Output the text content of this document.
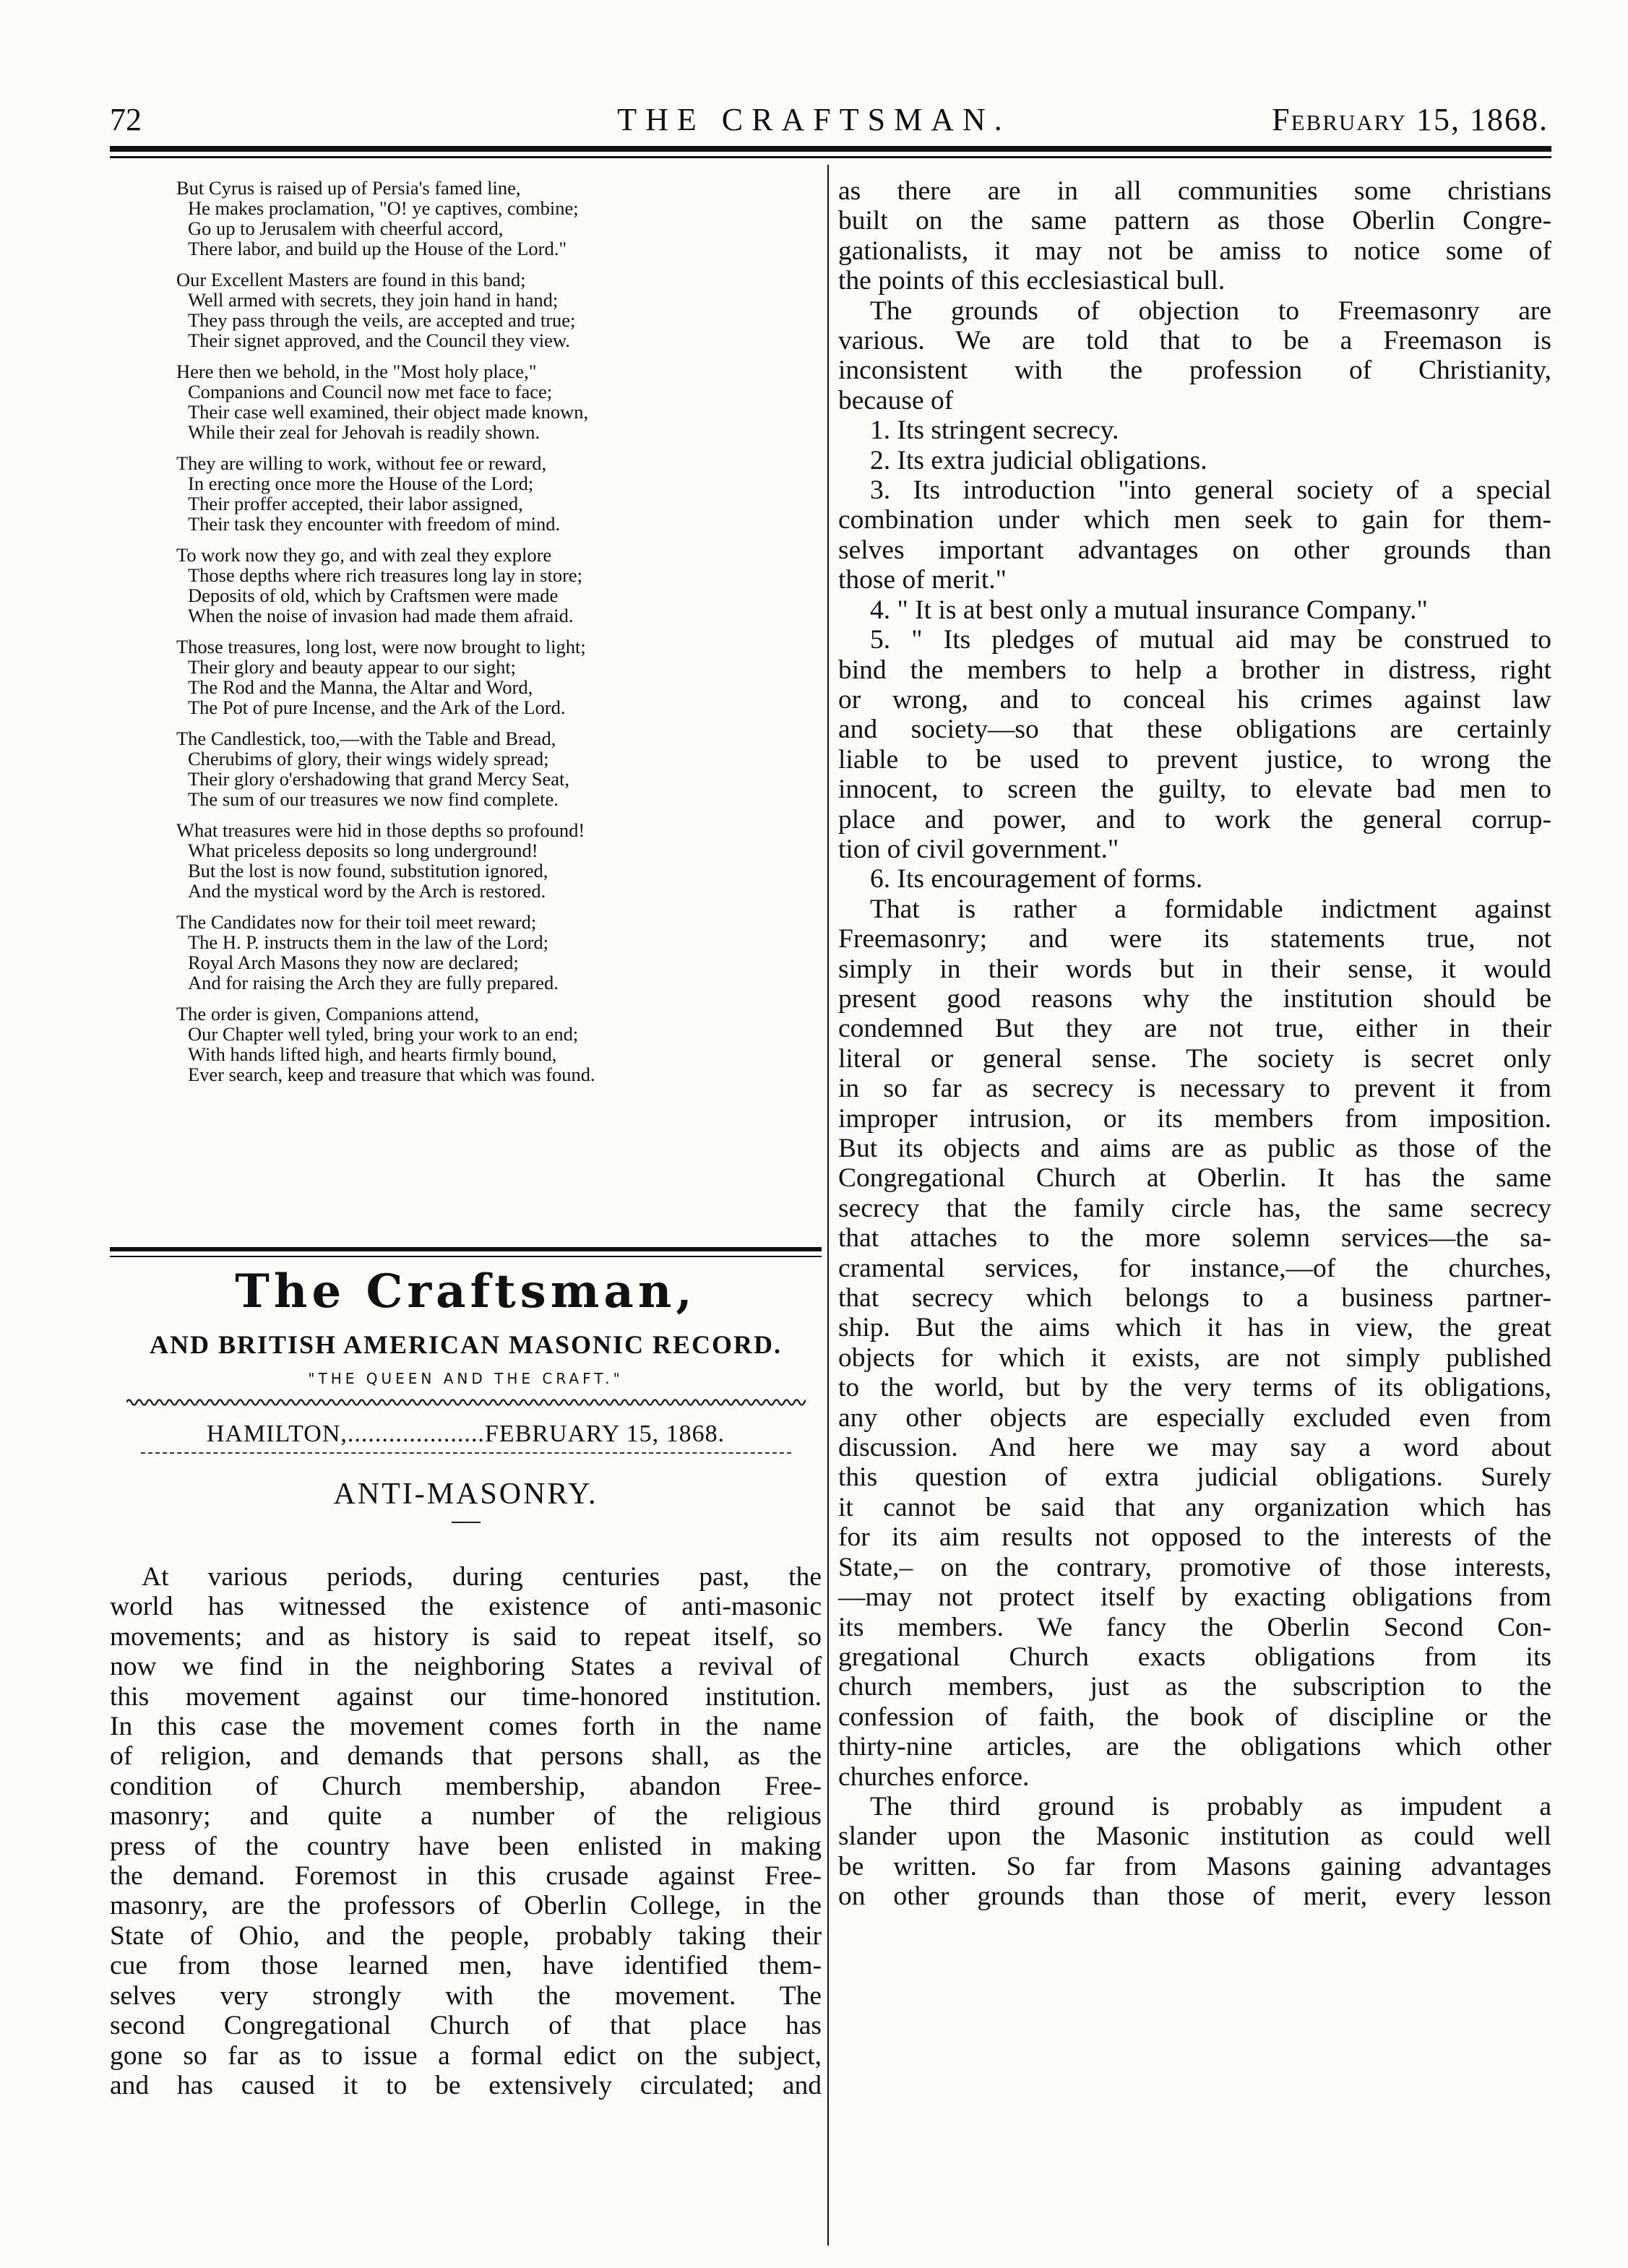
72	THE CRAFTSMAN.	February 15, 1868.
But Cyrus is raised up of Persia's famed line,
He makes proclamation, "O! ye captives, combine;
Go up to Jerusalem with cheerful accord,
There labor, and build up the House of the Lord."
Our Excellent Masters are found in this band;
Well armed with secrets, they join hand in hand;
They pass through the veils, are accepted and true;
Their signet approved, and the Council they view.
Here then we behold, in the "Most holy place,"
Companions and Council now met face to face;
Their case well examined, their object made known,
While their zeal for Jehovah is readily shown.
They are willing to work, without fee or reward,
In erecting once more the House of the Lord;
Their proffer accepted, their labor assigned,
Their task they encounter with freedom of mind.
To work now they go, and with zeal they explore
Those depths where rich treasures long lay in store;
Deposits of old, which by Craftsmen were made
When the noise of invasion had made them afraid.
Those treasures, long lost, were now brought to light;
Their glory and beauty appear to our sight;
The Rod and the Manna, the Altar and Word,
The Pot of pure Incense, and the Ark of the Lord.
The Candlestick, too,—with the Table and Bread,
Cherubims of glory, their wings widely spread;
Their glory o'ershadowing that grand Mercy Seat,
The sum of our treasures we now find complete.
What treasures were hid in those depths so profound!
What priceless deposits so long underground!
But the lost is now found, substitution ignored,
And the mystical word by the Arch is restored.
The Candidates now for their toil meet reward;
The H. P. instructs them in the law of the Lord;
Royal Arch Masons they now are declared;
And for raising the Arch they are fully prepared.
The order is given, Companions attend,
Our Chapter well tyled, bring your work to an end;
With hands lifted high, and hearts firmly bound,
Ever search, keep and treasure that which was found.
The Craftsman,
AND BRITISH AMERICAN MASONIC RECORD.
"THE QUEEN AND THE CRAFT."
HAMILTON,....................FEBRUARY 15, 1868.
ANTI-MASONRY.
At various periods, during centuries past, the
world has witnessed the existence of anti-masonic
movements; and as history is said to repeat itself, so
now we find in the neighboring States a revival of
this movement against our time-honored institution.
In this case the movement comes forth in the name
of religion, and demands that persons shall, as the
condition of Church membership, abandon Free-
masonry; and quite a number of the religious
press of the country have been enlisted in making
the demand. Foremost in this crusade against Free-
masonry, are the professors of Oberlin College, in the
State of Ohio, and the people, probably taking their
cue from those learned men, have identified them-
selves very strongly with the movement. The
second Congregational Church of that place has
gone so far as to issue a formal edict on the subject,
and has caused it to be extensively circulated; and
as there are in all communities some christians
built on the same pattern as those Oberlin Congre-
gationalists, it may not be amiss to notice some of
the points of this ecclesiastical bull.
The grounds of objection to Freemasonry are
various. We are told that to be a Freemason is
inconsistent with the profession of Christianity,
because of
1. Its stringent secrecy.
2. Its extra judicial obligations.
3. Its introduction "into general society of a special
combination under which men seek to gain for them-
selves important advantages on other grounds than
those of merit."
4. " It is at best only a mutual insurance Company."
5. " Its pledges of mutual aid may be construed to
bind the members to help a brother in distress, right
or wrong, and to conceal his crimes against law
and society—so that these obligations are certainly
liable to be used to prevent justice, to wrong the
innocent, to screen the guilty, to elevate bad men to
place and power, and to work the general corrup-
tion of civil government."
6. Its encouragement of forms.
That is rather a formidable indictment against
Freemasonry; and were its statements true, not
simply in their words but in their sense, it would
present good reasons why the institution should be
condemned But they are not true, either in their
literal or general sense. The society is secret only
in so far as secrecy is necessary to prevent it from
improper intrusion, or its members from imposition.
But its objects and aims are as public as those of the
Congregational Church at Oberlin. It has the same
secrecy that the family circle has, the same secrecy
that attaches to the more solemn services—the sa-
cramental services, for instance,—of the churches,
that secrecy which belongs to a business partner-
ship. But the aims which it has in view, the great
objects for which it exists, are not simply published
to the world, but by the very terms of its obligations,
any other objects are especially excluded even from
discussion. And here we may say a word about
this question of extra judicial obligations. Surely
it cannot be said that any organization which has
for its aim results not opposed to the interests of the
State,– on the contrary, promotive of those interests,
—may not protect itself by exacting obligations from
its members. We fancy the Oberlin Second Con-
gregational Church exacts obligations from its
church members, just as the subscription to the
confession of faith, the book of discipline or the
thirty-nine articles, are the obligations which other
churches enforce.
The third ground is probably as impudent a
slander upon the Masonic institution as could well
be written. So far from Masons gaining advantages
on other grounds than those of merit, every lesson
